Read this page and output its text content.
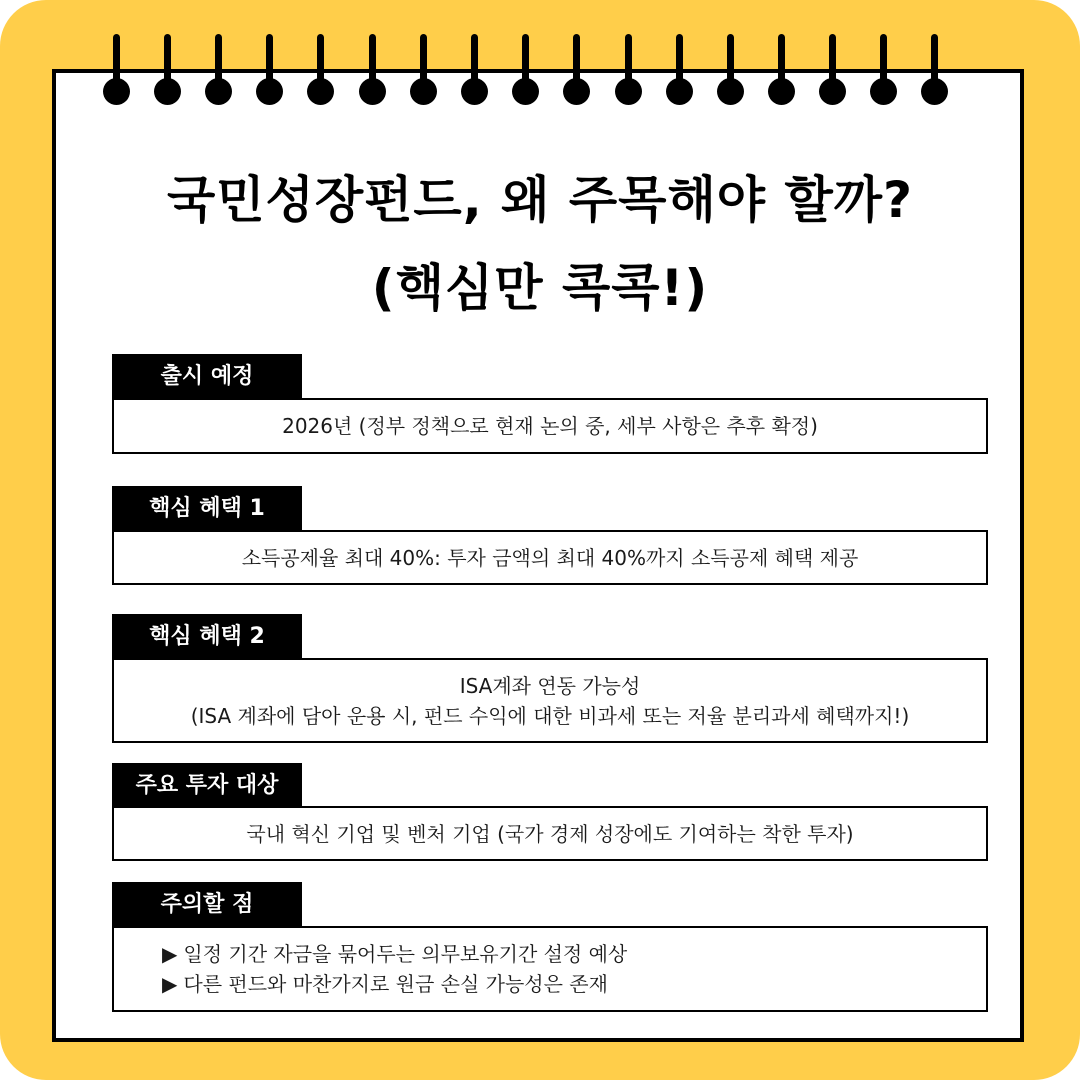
국민성장펀드, 왜 주목해야 할까?
(핵심만 콕콕!)
출시 예정
2026년 (정부 정책으로 현재 논의 중, 세부 사항은 추후 확정)
핵심 혜택 1
소득공제율 최대 40%: 투자 금액의 최대 40%까지 소득공제 혜택 제공
핵심 혜택 2
ISA계좌 연동 가능성
(ISA 계좌에 담아 운용 시, 펀드 수익에 대한 비과세 또는 저율 분리과세 혜택까지!)
주요 투자 대상
국내 혁신 기업 및 벤처 기업 (국가 경제 성장에도 기여하는 착한 투자)
주의할 점
▶ 일정 기간 자금을 묶어두는 의무보유기간 설정 예상
▶ 다른 펀드와 마찬가지로 원금 손실 가능성은 존재
